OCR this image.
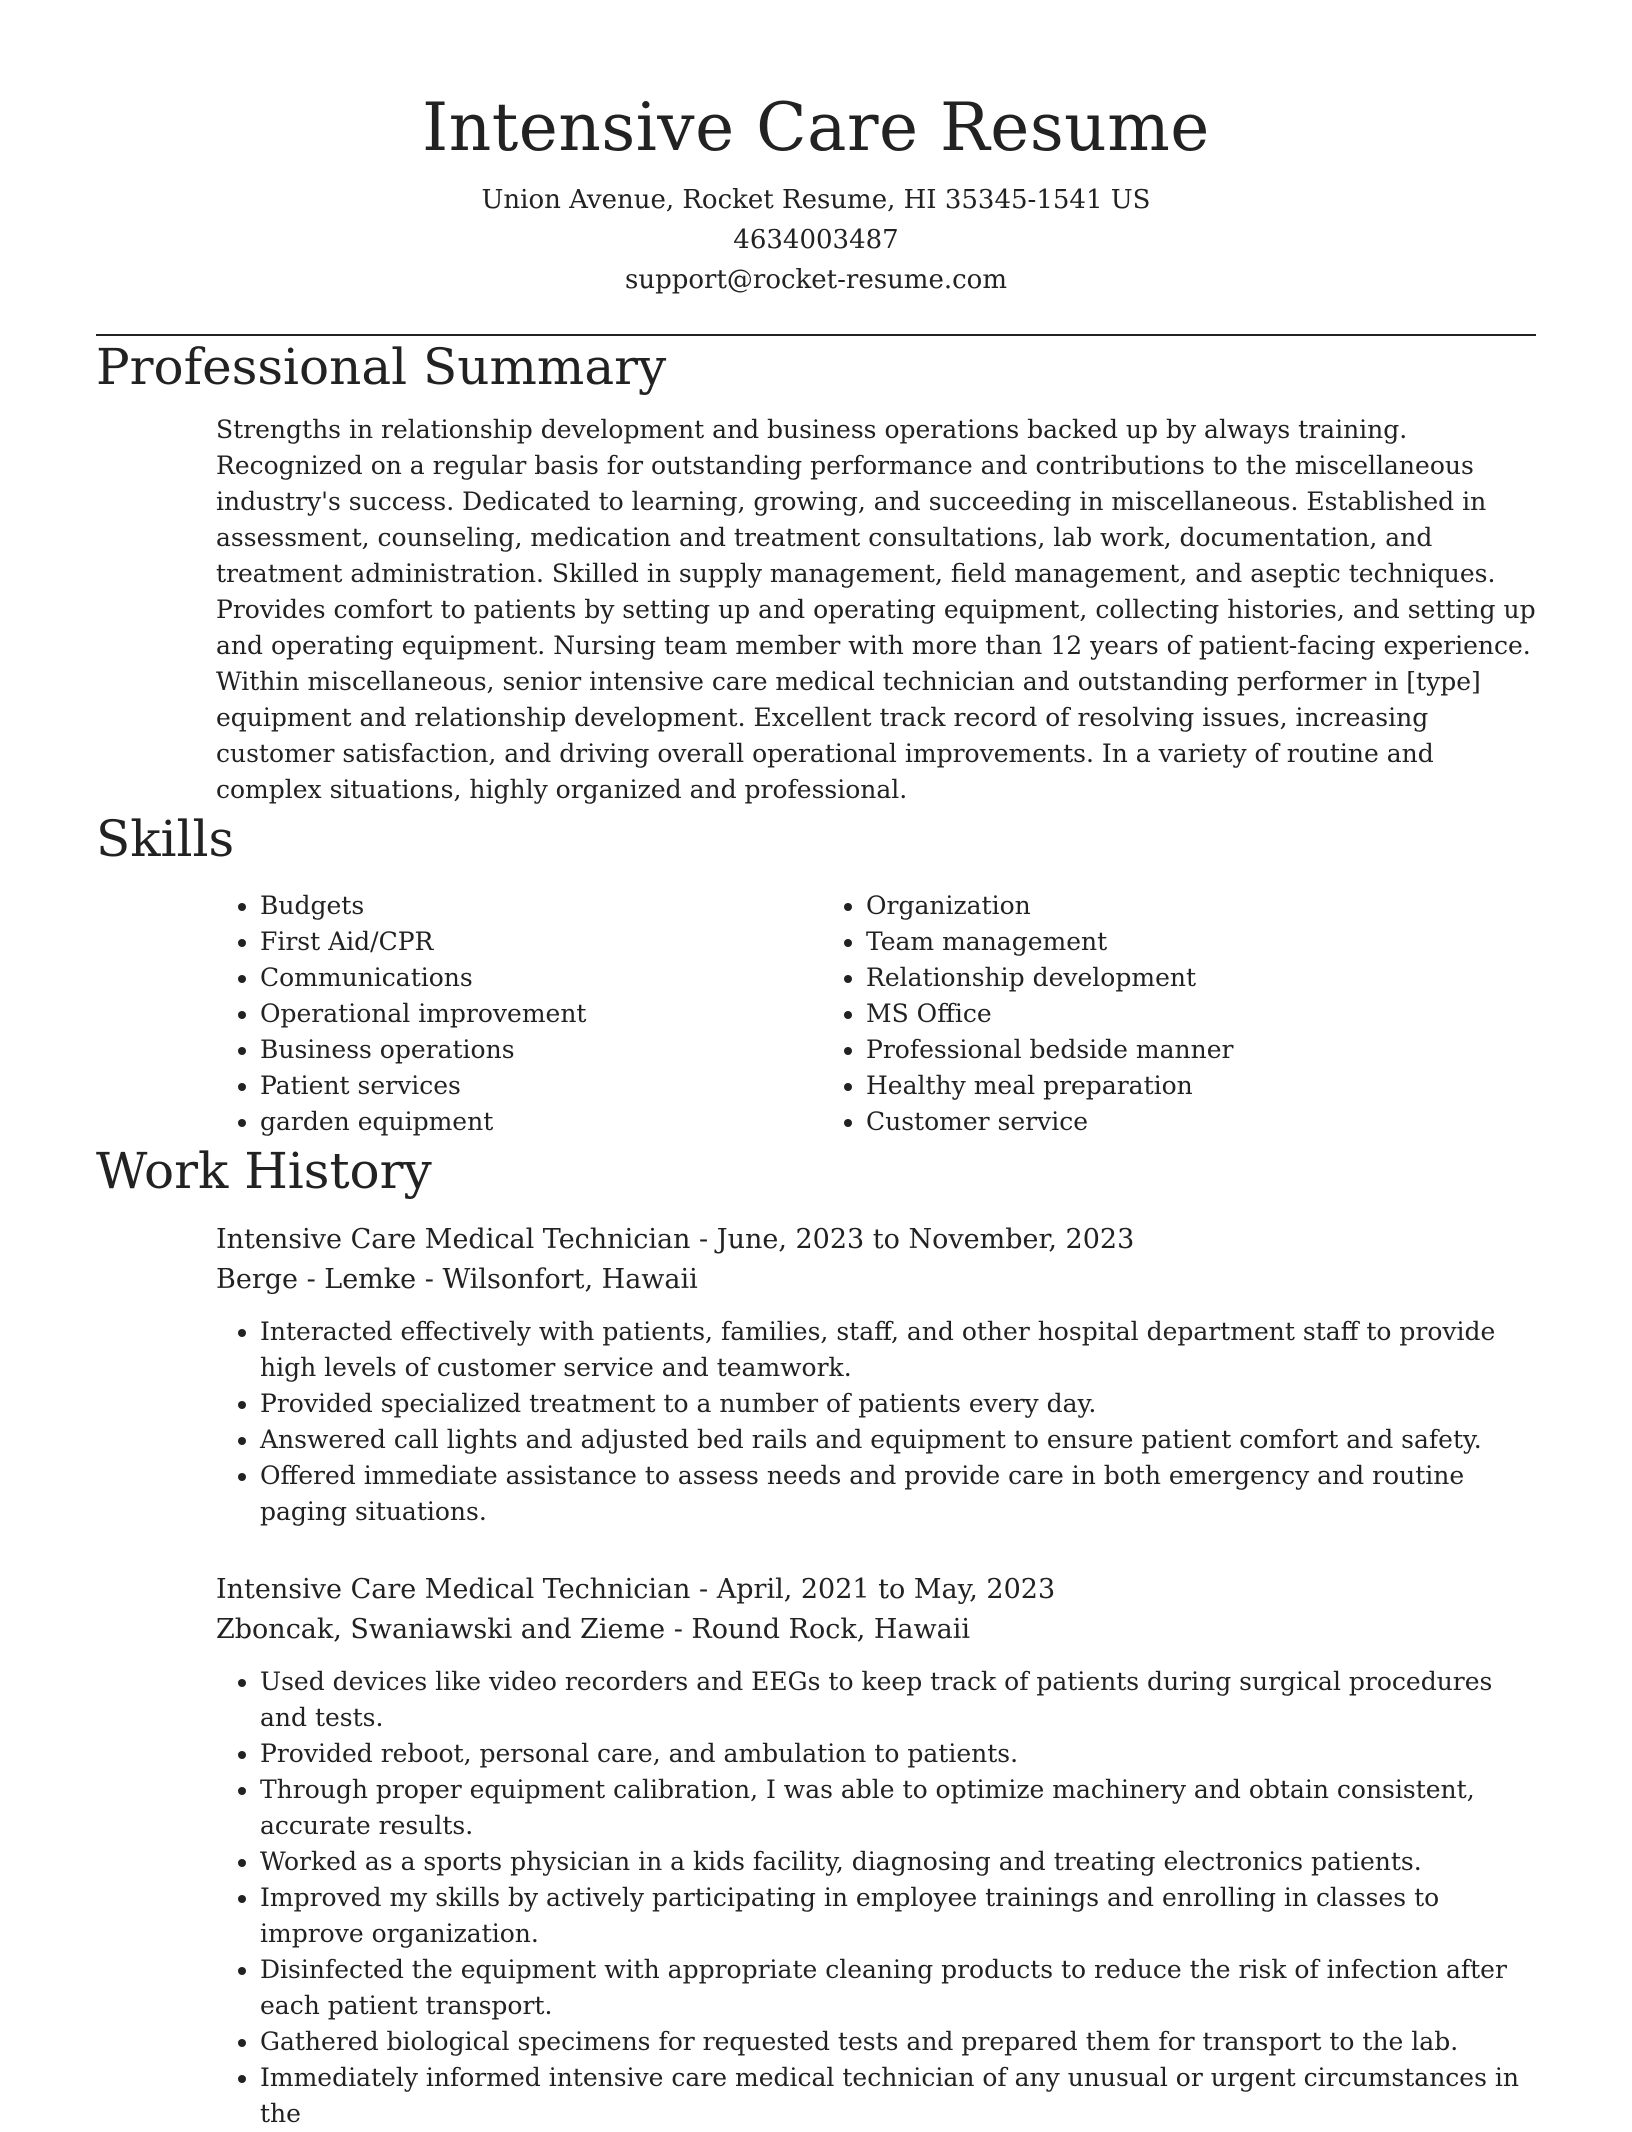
Intensive Care Resume
Union Avenue, Rocket Resume, HI 35345-1541 US
4634003487
support@rocket-resume.com
Professional Summary
Strengths in relationship development and business operations backed up by always training. Recognized on a regular basis for outstanding performance and contributions to the miscellaneous industry's success. Dedicated to learning, growing, and succeeding in miscellaneous. Established in assessment, counseling, medication and treatment consultations, lab work, documentation, and treatment administration. Skilled in supply management, field management, and aseptic techniques. Provides comfort to patients by setting up and operating equipment, collecting histories, and setting up and operating equipment. Nursing team member with more than 12 years of patient-facing experience. Within miscellaneous, senior intensive care medical technician and outstanding performer in [type] equipment and relationship development. Excellent track record of resolving issues, increasing customer satisfaction, and driving overall operational improvements. In a variety of routine and complex situations, highly organized and professional.
Skills
• Budgets
• First Aid/CPR
• Communications
• Operational improvement
• Business operations
• Patient services
• garden equipment
• Organization
• Team management
• Relationship development
• MS Office
• Professional bedside manner
• Healthy meal preparation
• Customer service
Work History
Intensive Care Medical Technician - June, 2023 to November, 2023
Berge - Lemke - Wilsonfort, Hawaii
• Interacted effectively with patients, families, staff, and other hospital department staff to provide high levels of customer service and teamwork.
• Provided specialized treatment to a number of patients every day.
• Answered call lights and adjusted bed rails and equipment to ensure patient comfort and safety.
• Offered immediate assistance to assess needs and provide care in both emergency and routine paging situations.
Intensive Care Medical Technician - April, 2021 to May, 2023
Zboncak, Swaniawski and Zieme - Round Rock, Hawaii
• Used devices like video recorders and EEGs to keep track of patients during surgical procedures and tests.
• Provided reboot, personal care, and ambulation to patients.
• Through proper equipment calibration, I was able to optimize machinery and obtain consistent, accurate results.
• Worked as a sports physician in a kids facility, diagnosing and treating electronics patients.
• Improved my skills by actively participating in employee trainings and enrolling in classes to improve organization.
• Disinfected the equipment with appropriate cleaning products to reduce the risk of infection after each patient transport.
• Gathered biological specimens for requested tests and prepared them for transport to the lab.
• Immediately informed intensive care medical technician of any unusual or urgent circumstances in the
